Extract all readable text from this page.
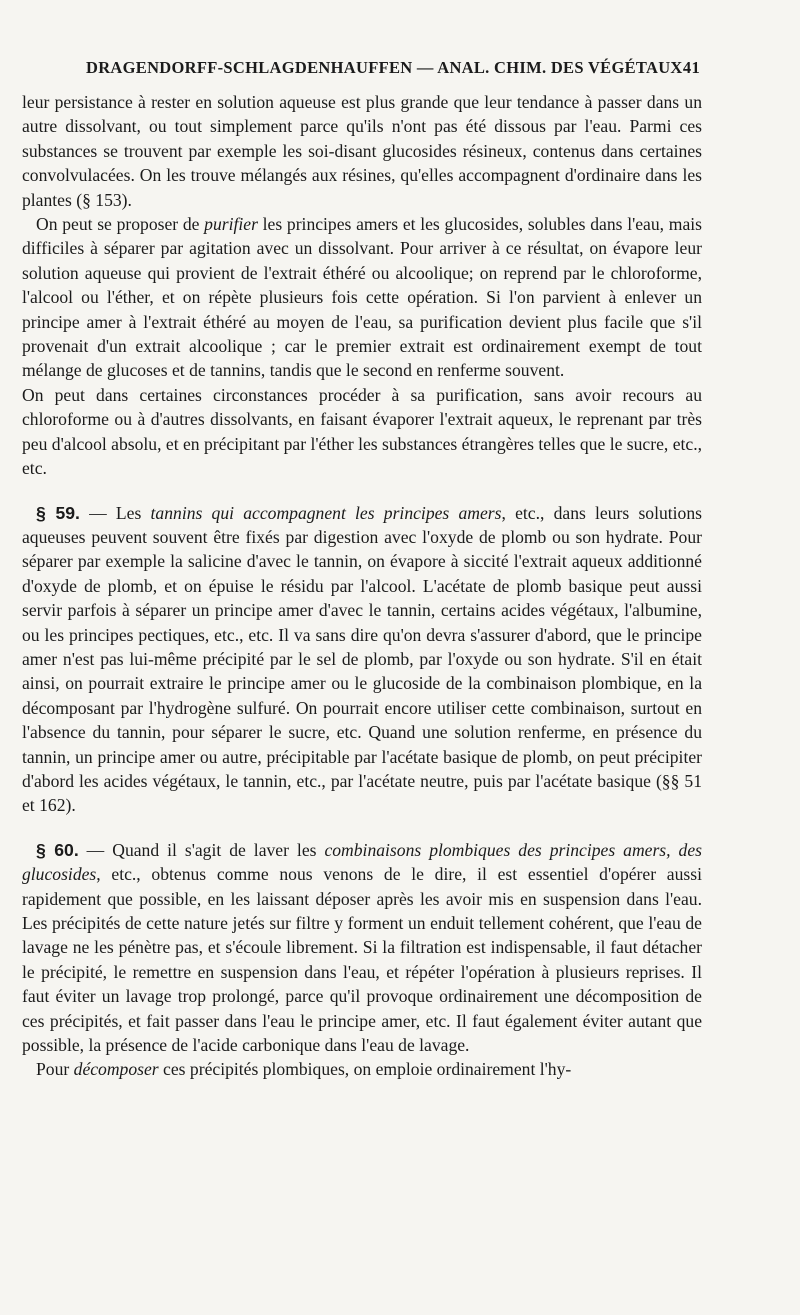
DRAGENDORFF-SCHLAGDENHAUFFEN — ANAL. CHIM. DES VÉGÉTAUX 41

leur persistance à rester en solution aqueuse est plus grande que leur tendance à passer dans un autre dissolvant, ou tout simplement parce qu'ils n'ont pas été dissous par l'eau. Parmi ces substances se trouvent par exemple les soi-disant glucosides résineux, contenus dans certaines convolvulacées. On les trouve mélangés aux résines, qu'elles accompagnent d'ordinaire dans les plantes (§ 153).

On peut se proposer de purifier les principes amers et les glucosides, solubles dans l'eau, mais difficiles à séparer par agitation avec un dissolvant. Pour arriver à ce résultat, on évapore leur solution aqueuse qui provient de l'extrait éthéré ou alcoolique; on reprend par le chloroforme, l'alcool ou l'éther, et on répète plusieurs fois cette opération. Si l'on parvient à enlever un principe amer à l'extrait éthéré au moyen de l'eau, sa purification devient plus facile que s'il provenait d'un extrait alcoolique ; car le premier extrait est ordinairement exempt de tout mélange de glucoses et de tannins, tandis que le second en renferme souvent.

On peut dans certaines circonstances procéder à sa purification, sans avoir recours au chloroforme ou à d'autres dissolvants, en faisant évaporer l'extrait aqueux, le reprenant par très peu d'alcool absolu, et en précipitant par l'éther les substances étrangères telles que le sucre, etc., etc.

§ 59. — Les tannins qui accompagnent les principes amers, etc., dans leurs solutions aqueuses peuvent souvent être fixés par digestion avec l'oxyde de plomb ou son hydrate. Pour séparer par exemple la salicine d'avec le tannin, on évapore à siccité l'extrait aqueux additionné d'oxyde de plomb, et on épuise le résidu par l'alcool. L'acétate de plomb basique peut aussi servir parfois à séparer un principe amer d'avec le tannin, certains acides végétaux, l'albumine, ou les principes pectiques, etc., etc. Il va sans dire qu'on devra s'assurer d'abord, que le principe amer n'est pas lui-même précipité par le sel de plomb, par l'oxyde ou son hydrate. S'il en était ainsi, on pourrait extraire le principe amer ou le glucoside de la combinaison plombique, en la décomposant par l'hydrogène sulfuré. On pourrait encore utiliser cette combinaison, surtout en l'absence du tannin, pour séparer le sucre, etc. Quand une solution renferme, en présence du tannin, un principe amer ou autre, précipitable par l'acétate basique de plomb, on peut précipiter d'abord les acides végétaux, le tannin, etc., par l'acétate neutre, puis par l'acétate basique (§§ 51 et 162).

§ 60. — Quand il s'agit de laver les combinaisons plombiques des principes amers, des glucosides, etc., obtenus comme nous venons de le dire, il est essentiel d'opérer aussi rapidement que possible, en les laissant déposer après les avoir mis en suspension dans l'eau. Les précipités de cette nature jetés sur filtre y forment un enduit tellement cohérent, que l'eau de lavage ne les pénètre pas, et s'écoule librement. Si la filtration est indispensable, il faut détacher le précipité, le remettre en suspension dans l'eau, et répéter l'opération à plusieurs reprises. Il faut éviter un lavage trop prolongé, parce qu'il provoque ordinairement une décomposition de ces précipités, et fait passer dans l'eau le principe amer, etc. Il faut également éviter autant que possible, la présence de l'acide carbonique dans l'eau de lavage.

Pour décomposer ces précipités plombiques, on emploie ordinairement l'hy-
